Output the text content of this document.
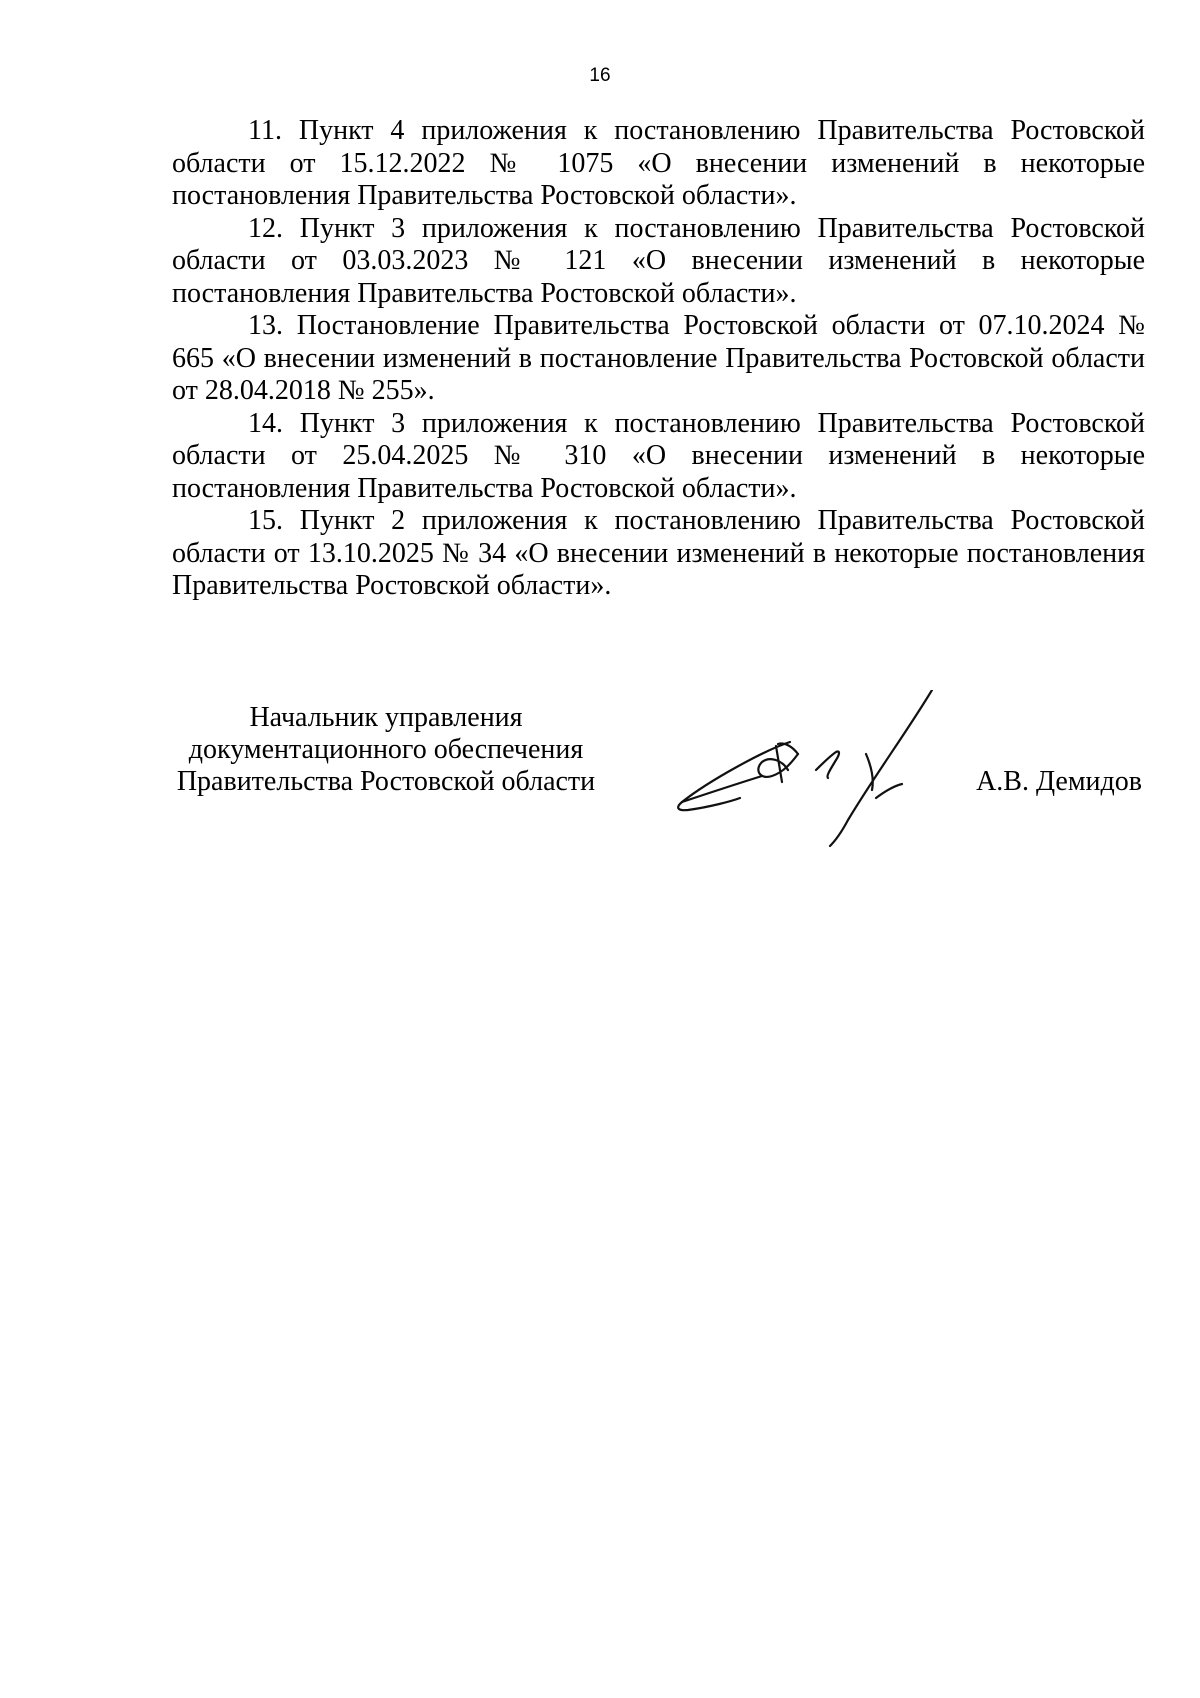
16

11. Пункт 4 приложения к постановлению Правительства Ростовской области от 15.12.2022 № 1075 «О внесении изменений в некоторые постановления Правительства Ростовской области».

12. Пункт 3 приложения к постановлению Правительства Ростовской области от 03.03.2023 № 121 «О внесении изменений в некоторые постановления Правительства Ростовской области».

13. Постановление Правительства Ростовской области от 07.10.2024 № 665 «О внесении изменений в постановление Правительства Ростовской области от 28.04.2018 № 255».

14. Пункт 3 приложения к постановлению Правительства Ростовской области от 25.04.2025 № 310 «О внесении изменений в некоторые постановления Правительства Ростовской области».

15. Пункт 2 приложения к постановлению Правительства Ростовской области от 13.10.2025 № 34 «О внесении изменений в некоторые постановления Правительства Ростовской области».

Начальник управления
документационного обеспечения
Правительства Ростовской области	А.В. Демидов
